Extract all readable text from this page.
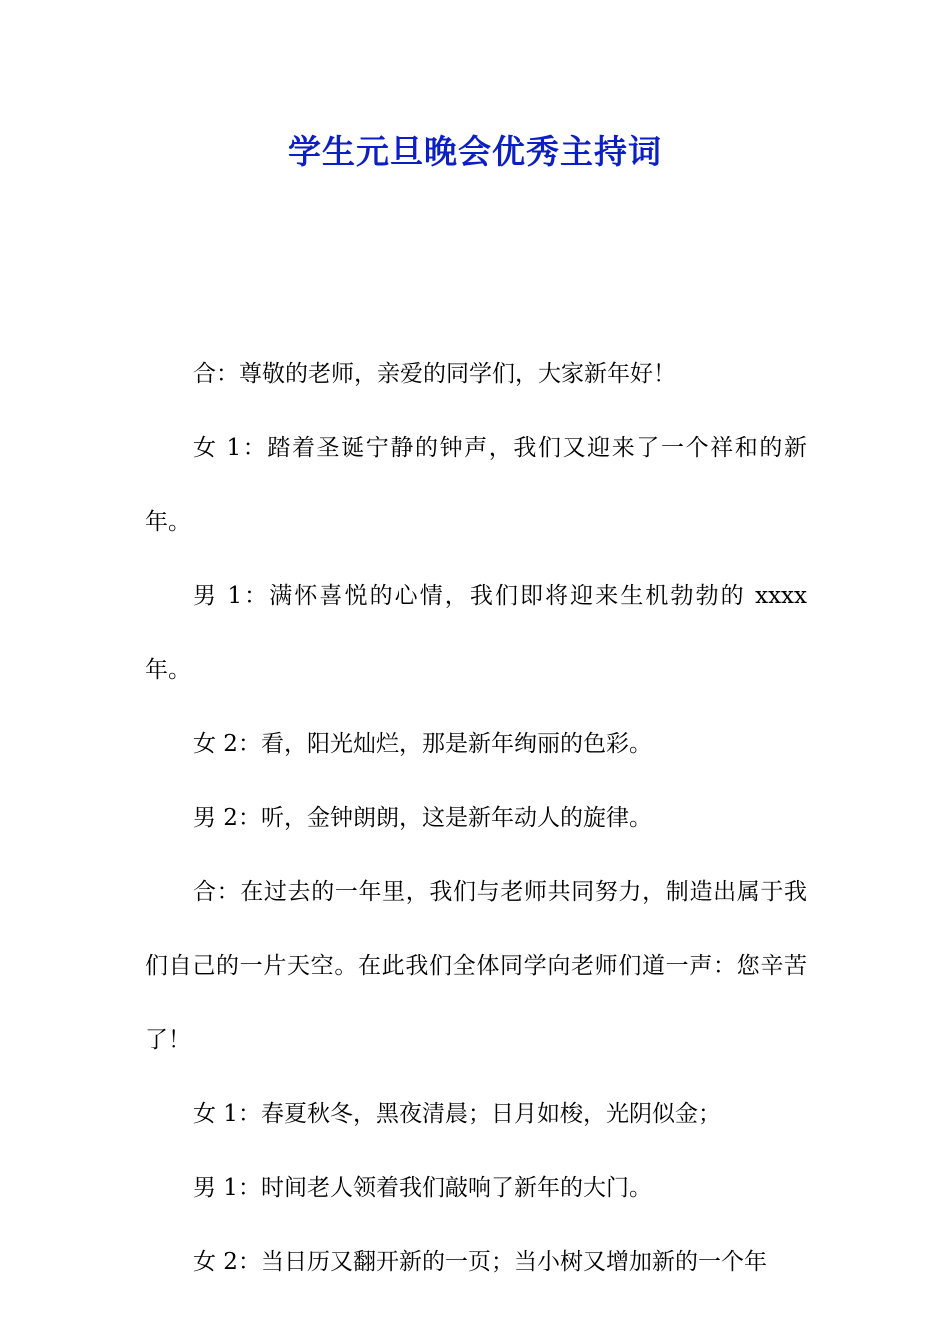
学生元旦晚会优秀主持词

合：尊敬的老师，亲爱的同学们，大家新年好！

女 1：踏着圣诞宁静的钟声，我们又迎来了一个祥和的新年。

男 1：满怀喜悦的心情，我们即将迎来生机勃勃的 xxxx 年。

女 2：看，阳光灿烂，那是新年绚丽的色彩。

男 2：听，金钟朗朗，这是新年动人的旋律。

合：在过去的一年里，我们与老师共同努力，制造出属于我们自己的一片天空。在此我们全体同学向老师们道一声：您辛苦了！

女 1：春夏秋冬，黑夜清晨；日月如梭，光阴似金；

男 1：时间老人领着我们敲响了新年的大门。

女 2：当日历又翻开新的一页；当小树又增加新的一个年
